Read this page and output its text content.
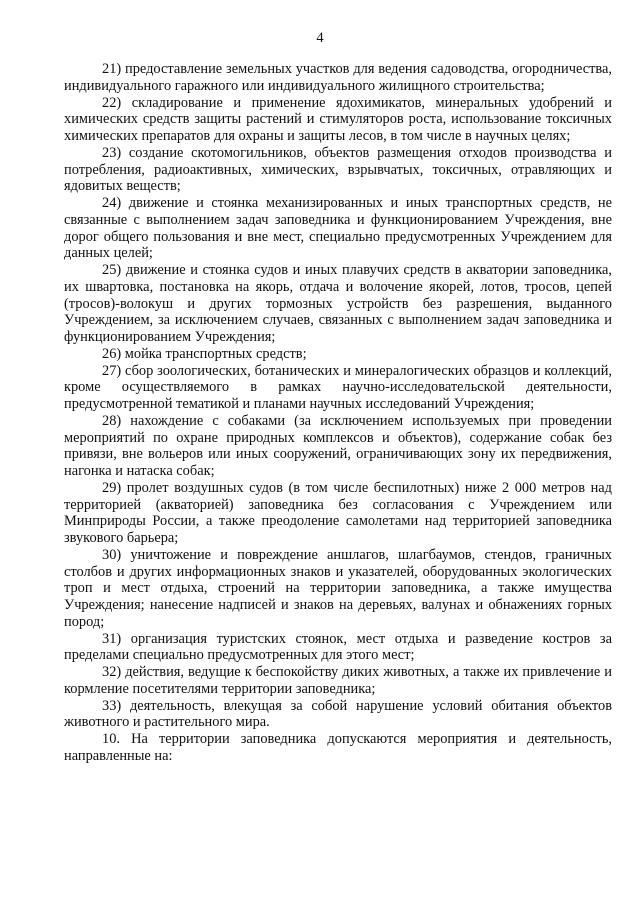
4

21) предоставление земельных участков для ведения садоводства, огородничества, индивидуального гаражного или индивидуального жилищного строительства;

22) складирование и применение ядохимикатов, минеральных удобрений и химических средств защиты растений и стимуляторов роста, использование токсичных химических препаратов для охраны и защиты лесов, в том числе в научных целях;

23) создание скотомогильников, объектов размещения отходов производства и потребления, радиоактивных, химических, взрывчатых, токсичных, отравляющих и ядовитых веществ;

24) движение и стоянка механизированных и иных транспортных средств, не связанные с выполнением задач заповедника и функционированием Учреждения, вне дорог общего пользования и вне мест, специально предусмотренных Учреждением для данных целей;

25) движение и стоянка судов и иных плавучих средств в акватории заповедника, их швартовка, постановка на якорь, отдача и волочение якорей, лотов, тросов, цепей (тросов)-волокуш и других тормозных устройств без разрешения, выданного Учреждением, за исключением случаев, связанных с выполнением задач заповедника и функционированием Учреждения;

26) мойка транспортных средств;

27) сбор зоологических, ботанических и минералогических образцов и коллекций, кроме осуществляемого в рамках научно-исследовательской деятельности, предусмотренной тематикой и планами научных исследований Учреждения;

28) нахождение с собаками (за исключением используемых при проведении мероприятий по охране природных комплексов и объектов), содержание собак без привязи, вне вольеров или иных сооружений, ограничивающих зону их передвижения, нагонка и натаска собак;

29) пролет воздушных судов (в том числе беспилотных) ниже 2 000 метров над территорией (акваторией) заповедника без согласования с Учреждением или Минприроды России, а также преодоление самолетами над территорией заповедника звукового барьера;

30) уничтожение и повреждение аншлагов, шлагбаумов, стендов, граничных столбов и других информационных знаков и указателей, оборудованных экологических троп и мест отдыха, строений на территории заповедника, а также имущества Учреждения; нанесение надписей и знаков на деревьях, валунах и обнажениях горных пород;

31) организация туристских стоянок, мест отдыха и разведение костров за пределами специально предусмотренных для этого мест;

32) действия, ведущие к беспокойству диких животных, а также их привлечение и кормление посетителями территории заповедника;

33) деятельность, влекущая за собой нарушение условий обитания объектов животного и растительного мира.

10. На территории заповедника допускаются мероприятия и деятельность, направленные на:
